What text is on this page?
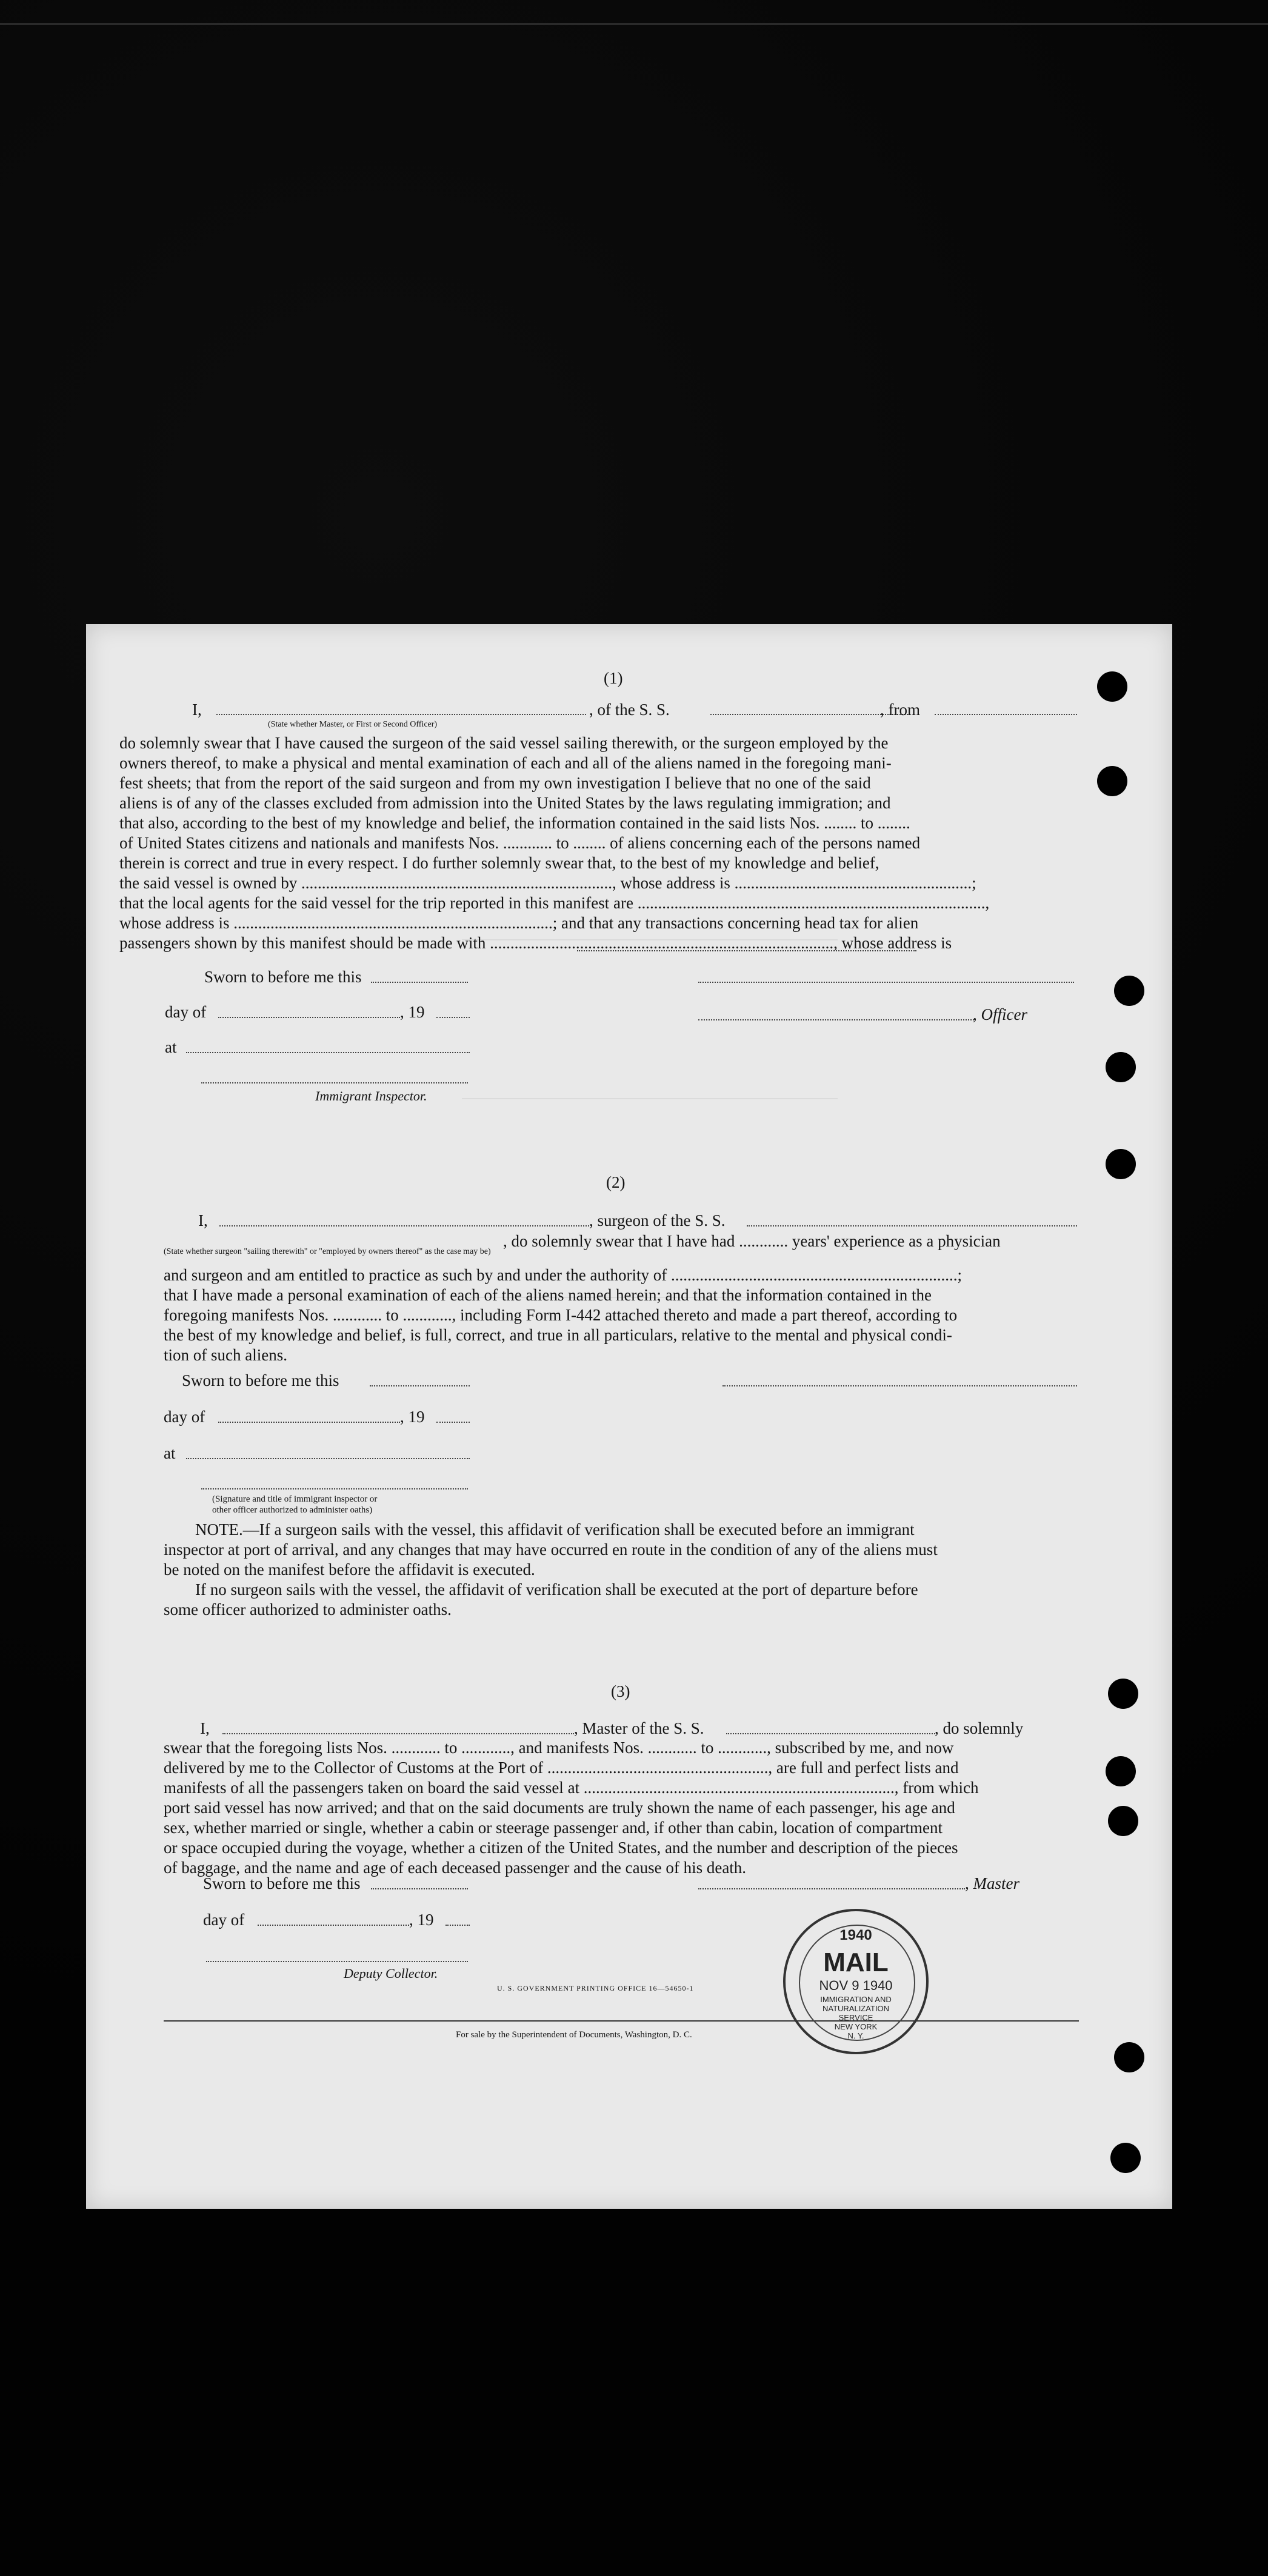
(1)
I,	, of the S. S.	, from
(State whether Master, or First or Second Officer)
do solemnly swear that I have caused the surgeon of the said vessel sailing therewith, or the surgeon employed by the
owners thereof, to make a physical and mental examination of each and all of the aliens named in the foregoing mani-
fest sheets; that from the report of the said surgeon and from my own investigation I believe that no one of the said
aliens is of any of the classes excluded from admission into the United States by the laws regulating immigration; and
that also, according to the best of my knowledge and belief, the information contained in the said lists Nos. ........ to ........
of United States citizens and nationals and manifests Nos. ............ to ........ of aliens concerning each of the persons named
therein is correct and true in every respect. I do further solemnly swear that, to the best of my knowledge and belief,
the said vessel is owned by ............................................................................, whose address is ..........................................................;
that the local agents for the said vessel for the trip reported in this manifest are .....................................................................................,
whose address is ..............................................................................; and that any transactions concerning head tax for alien
passengers shown by this manifest should be made with ...................................................................................., whose address is
Sworn to before me this
day of	, 19
at
Immigrant Inspector.
, Officer
(2)
I,	, surgeon of the S. S.
(State whether surgeon "sailing therewith" or "employed by owners thereof" as the case may be)
, do solemnly swear that I have had ............ years' experience as a physician
and surgeon and am entitled to practice as such by and under the authority of ......................................................................;
that I have made a personal examination of each of the aliens named herein; and that the information contained in the
foregoing manifests Nos. ............ to ............, including Form I-442 attached thereto and made a part thereof, according to
the best of my knowledge and belief, is full, correct, and true in all particulars, relative to the mental and physical condi-
tion of such aliens.
Sworn to before me this
day of	, 19
at
(Signature and title of immigrant inspector or
other officer authorized to administer oaths)
NOTE.—If a surgeon sails with the vessel, this affidavit of verification shall be executed before an immigrant
inspector at port of arrival, and any changes that may have occurred en route in the condition of any of the aliens must
be noted on the manifest before the affidavit is executed.
If no surgeon sails with the vessel, the affidavit of verification shall be executed at the port of departure before
some officer authorized to administer oaths.
(3)
I,	, Master of the S. S.	, do solemnly
swear that the foregoing lists Nos. ............ to ............, and manifests Nos. ............ to ............, subscribed by me, and now
delivered by me to the Collector of Customs at the Port of ......................................................, are full and perfect lists and
manifests of all the passengers taken on board the said vessel at ............................................................................, from which
port said vessel has now arrived; and that on the said documents are truly shown the name of each passenger, his age and
sex, whether married or single, whether a cabin or steerage passenger and, if other than cabin, location of compartment
or space occupied during the voyage, whether a citizen of the United States, and the number and description of the pieces
of baggage, and the name and age of each deceased passenger and the cause of his death.
Sworn to before me this
day of	, 19
Deputy Collector.
, Master
U. S. GOVERNMENT PRINTING OFFICE 16—54650-1
For sale by the Superintendent of Documents, Washington, D. C.
1940
MAIL
NOV 9 1940
IMMIGRATION AND
NATURALIZATION
SERVICE
NEW YORK
N. Y.
